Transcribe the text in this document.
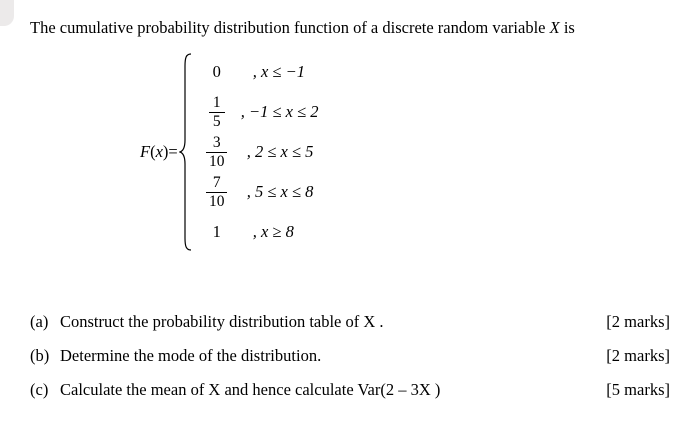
The cumulative probability distribution function of a discrete random variable X is
F(x)=
0	, x ≤ −1
$\frac{1}{5}$ , −1 ≤ x ≤ 2
$\frac{3}{10}$ , 2 ≤ x ≤ 5
$\frac{7}{10}$ , 5 ≤ x ≤ 8
1	, x ≥ 8
(a) Construct the probability distribution table of X .	[2 marks]
(b) Determine the mode of the distribution.	[2 marks]
(c) Calculate the mean of X and hence calculate Var(2 – 3X )	[5 marks]
